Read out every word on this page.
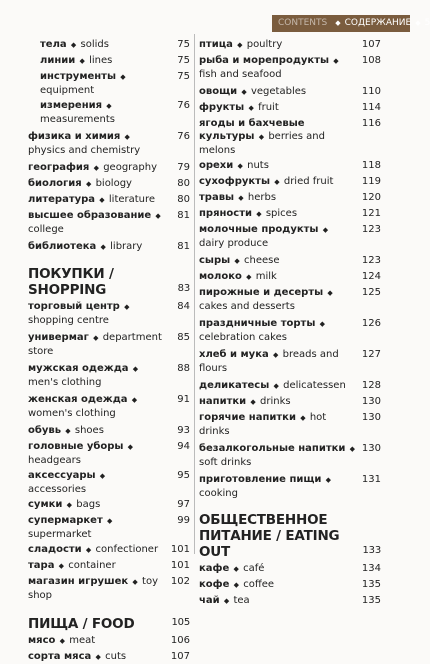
CONTENTS ◆ СОДЕРЖАНИЕ ◆ 5
тела ◆ solids	75
линии ◆ lines	75
инструменты ◆ equipment
75
измерения ◆ measurements
76
физика и химия ◆ physics and chemistry
76
география ◆ geography 79
биология ◆ biology	80
литература ◆ literature 80
высшее образование ◆ college
81
библиотека ◆ library	81
ПОКУПКИ / SHOPPING	83
торговый центр ◆ shopping centre
84
универмаг ◆ department store
85
мужская одежда ◆ men's clothing
88
женская одежда ◆ women's clothing
91
обувь ◆ shoes	93
головные уборы ◆ headgears
94
аксессуары ◆ accessories
95
сумки ◆ bags	97
супермаркет ◆ supermarket
99
сладости ◆ confectioner 101
тара ◆ container	101
магазин игрушек ◆ toy shop
102
ПИЩА / FOOD	105
мясо ◆ meat	106
сорта мяса ◆ cuts	107
птица ◆ poultry	107
рыба и морепродукты ◆ fish and seafood
108
овощи ◆ vegetables	110
фрукты ◆ fruit	114
ягоды и бахчевые культуры ◆ berries and melons
116
орехи ◆ nuts	118
сухофрукты ◆ dried fruit	119
травы ◆ herbs	120
пряности ◆ spices	121
молочные продукты ◆ dairy produce
123
сыры ◆ cheese	123
молоко ◆ milk	124
пирожные и десерты ◆ cakes and desserts
125
праздничные торты ◆ celebration cakes
126
хлеб и мука ◆ breads and flours
127
деликатесы ◆ delicatessen 128
напитки ◆ drinks	130
горячие напитки ◆ hot drinks
130
безалкогольные напитки ◆ soft drinks
130
приготовление пищи ◆ cooking
131
ОБЩЕСТВЕННОЕ ПИТАНИЕ / EATING OUT	133
кафе ◆ café	134
кофе ◆ coffee	135
чай ◆ tea	135
